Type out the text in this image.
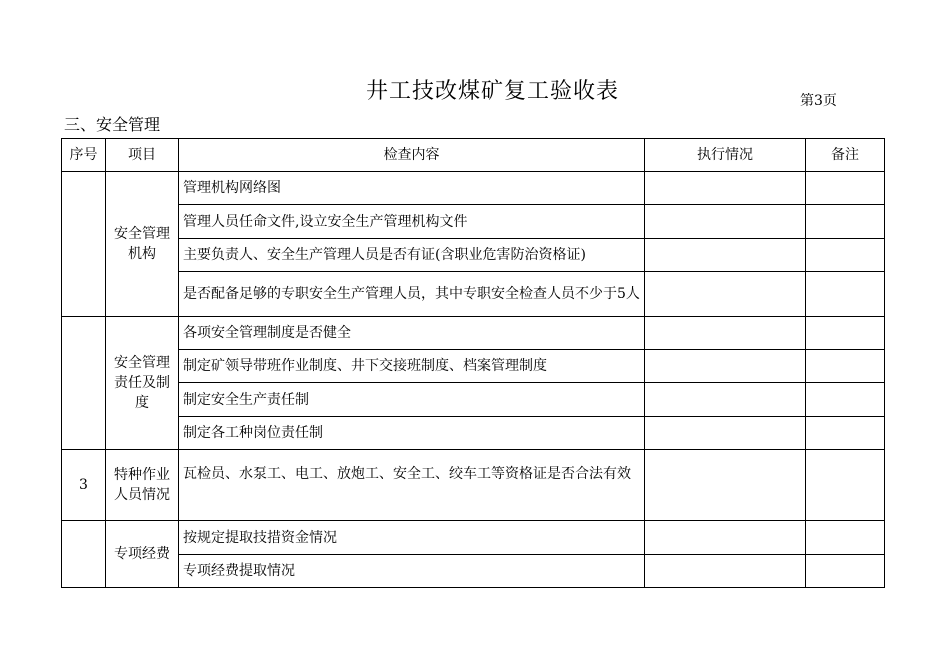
井工技改煤矿复工验收表	第3页
三、安全管理
序号	项目	检查内容	执行情况	备注
	安全管理机构	管理机构网络图		
		管理人员任命文件,设立安全生产管理机构文件		
		主要负责人、安全生产管理人员是否有证(含职业危害防治资格证)		
		是否配备足够的专职安全生产管理人员，其中专职安全检查人员不少于5人		
	安全管理责任及制度	各项安全管理制度是否健全		
		制定矿领导带班作业制度、井下交接班制度、档案管理制度		
		制定安全生产责任制		
		制定各工种岗位责任制		
3	特种作业人员情况	瓦检员、水泵工、电工、放炮工、安全工、绞车工等资格证是否合法有效		
	专项经费	按规定提取技措资金情况		
		专项经费提取情况		
